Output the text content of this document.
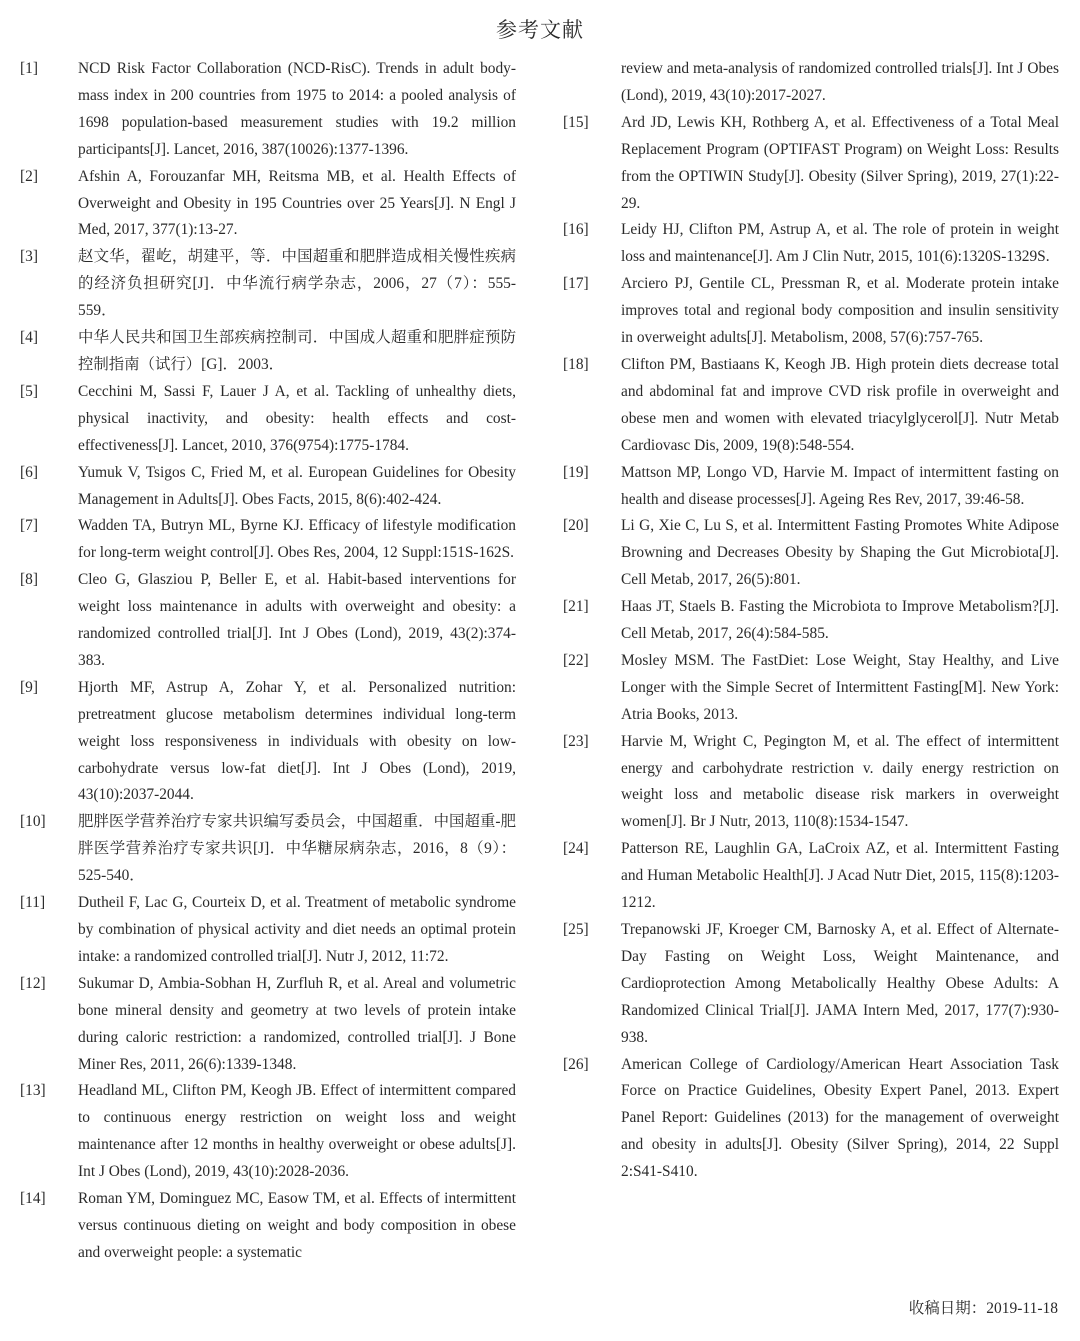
参考文献
[1]	NCD Risk Factor Collaboration (NCD-RisC). Trends in adult body-mass index in 200 countries from 1975 to 2014: a pooled analysis of 1698 population-based measurement studies with 19.2 million participants[J]. Lancet, 2016, 387(10026):1377-1396.
[2]	Afshin A, Forouzanfar MH, Reitsma MB, et al. Health Effects of Overweight and Obesity in 195 Countries over 25 Years[J]. N Engl J Med, 2017, 377(1):13-27.
[3]	赵文华，翟屹，胡建平，等．中国超重和肥胖造成相关慢性疾病的经济负担研究[J]．中华流行病学杂志，2006，27（7）：555-559．
[4]	中华人民共和国卫生部疾病控制司．中国成人超重和肥胖症预防控制指南（试行）[G]．2003．
[5]	Cecchini M, Sassi F, Lauer J A, et al. Tackling of unhealthy diets, physical inactivity, and obesity: health effects and cost-effectiveness[J]. Lancet, 2010, 376(9754):1775-1784.
[6]	Yumuk V, Tsigos C, Fried M, et al. European Guidelines for Obesity Management in Adults[J]. Obes Facts, 2015, 8(6):402-424.
[7]	Wadden TA, Butryn ML, Byrne KJ. Efficacy of lifestyle modification for long-term weight control[J]. Obes Res, 2004, 12 Suppl:151S-162S.
[8]	Cleo G, Glasziou P, Beller E, et al. Habit-based interventions for weight loss maintenance in adults with overweight and obesity: a randomized controlled trial[J]. Int J Obes (Lond), 2019, 43(2):374-383.
[9]	Hjorth MF, Astrup A, Zohar Y, et al. Personalized nutrition: pretreatment glucose metabolism determines individual long-term weight loss responsiveness in individuals with obesity on low-carbohydrate versus low-fat diet[J]. Int J Obes (Lond), 2019, 43(10):2037-2044.
[10]	肥胖医学营养治疗专家共识编写委员会，中国超重．中国超重-肥胖医学营养治疗专家共识[J]．中华糖尿病杂志，2016，8（9）：525-540．
[11]	Dutheil F, Lac G, Courteix D, et al. Treatment of metabolic syndrome by combination of physical activity and diet needs an optimal protein intake: a randomized controlled trial[J]. Nutr J, 2012, 11:72.
[12]	Sukumar D, Ambia-Sobhan H, Zurfluh R, et al. Areal and volumetric bone mineral density and geometry at two levels of protein intake during caloric restriction: a randomized, controlled trial[J]. J Bone Miner Res, 2011, 26(6):1339-1348.
[13]	Headland ML, Clifton PM, Keogh JB. Effect of intermittent compared to continuous energy restriction on weight loss and weight maintenance after 12 months in healthy overweight or obese adults[J]. Int J Obes (Lond), 2019, 43(10):2028-2036.
[14]	Roman YM, Dominguez MC, Easow TM, et al. Effects of intermittent versus continuous dieting on weight and body composition in obese and overweight people: a systematic
review and meta-analysis of randomized controlled trials[J]. Int J Obes (Lond), 2019, 43(10):2017-2027.
[15]	Ard JD, Lewis KH, Rothberg A, et al. Effectiveness of a Total Meal Replacement Program (OPTIFAST Program) on Weight Loss: Results from the OPTIWIN Study[J]. Obesity (Silver Spring), 2019, 27(1):22-29.
[16]	Leidy HJ, Clifton PM, Astrup A, et al. The role of protein in weight loss and maintenance[J]. Am J Clin Nutr, 2015, 101(6):1320S-1329S.
[17]	Arciero PJ, Gentile CL, Pressman R, et al. Moderate protein intake improves total and regional body composition and insulin sensitivity in overweight adults[J]. Metabolism, 2008, 57(6):757-765.
[18]	Clifton PM, Bastiaans K, Keogh JB. High protein diets decrease total and abdominal fat and improve CVD risk profile in overweight and obese men and women with elevated triacylglycerol[J]. Nutr Metab Cardiovasc Dis, 2009, 19(8):548-554.
[19]	Mattson MP, Longo VD, Harvie M. Impact of intermittent fasting on health and disease processes[J]. Ageing Res Rev, 2017, 39:46-58.
[20]	Li G, Xie C, Lu S, et al. Intermittent Fasting Promotes White Adipose Browning and Decreases Obesity by Shaping the Gut Microbiota[J]. Cell Metab, 2017, 26(5):801.
[21]	Haas JT, Staels B. Fasting the Microbiota to Improve Metabolism?[J]. Cell Metab, 2017, 26(4):584-585.
[22]	Mosley MSM. The FastDiet: Lose Weight, Stay Healthy, and Live Longer with the Simple Secret of Intermittent Fasting[M]. New York: Atria Books, 2013.
[23]	Harvie M, Wright C, Pegington M, et al. The effect of intermittent energy and carbohydrate restriction v. daily energy restriction on weight loss and metabolic disease risk markers in overweight women[J]. Br J Nutr, 2013, 110(8):1534-1547.
[24]	Patterson RE, Laughlin GA, LaCroix AZ, et al. Intermittent Fasting and Human Metabolic Health[J]. J Acad Nutr Diet, 2015, 115(8):1203-1212.
[25]	Trepanowski JF, Kroeger CM, Barnosky A, et al. Effect of Alternate-Day Fasting on Weight Loss, Weight Maintenance, and Cardioprotection Among Metabolically Healthy Obese Adults: A Randomized Clinical Trial[J]. JAMA Intern Med, 2017, 177(7):930-938.
[26]	American College of Cardiology/American Heart Association Task Force on Practice Guidelines, Obesity Expert Panel, 2013. Expert Panel Report: Guidelines (2013) for the management of overweight and obesity in adults[J]. Obesity (Silver Spring), 2014, 22 Suppl 2:S41-S410.
收稿日期：2019-11-18
